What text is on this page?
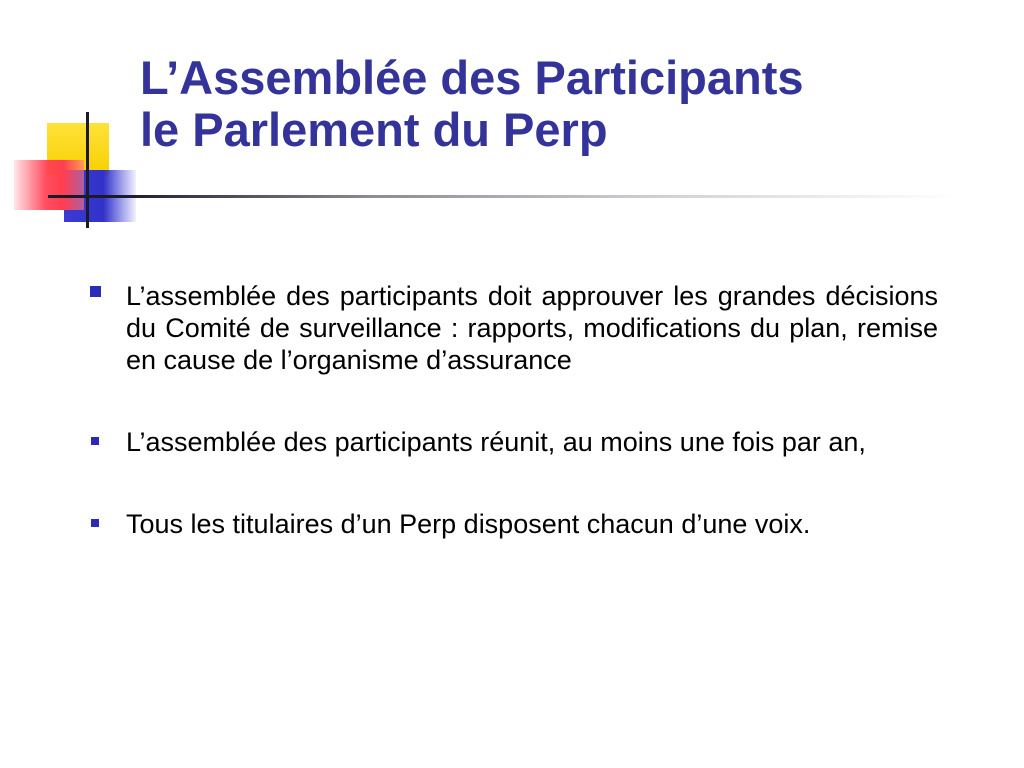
L’Assemblée des Participants
le Parlement du Perp
L’assemblée des participants doit approuver les grandes décisions du Comité de surveillance : rapports, modifications du plan, remise en cause de l’organisme d’assurance
L’assemblée des participants réunit, au moins une fois par an,
Tous les titulaires d’un Perp disposent chacun d’une voix.
